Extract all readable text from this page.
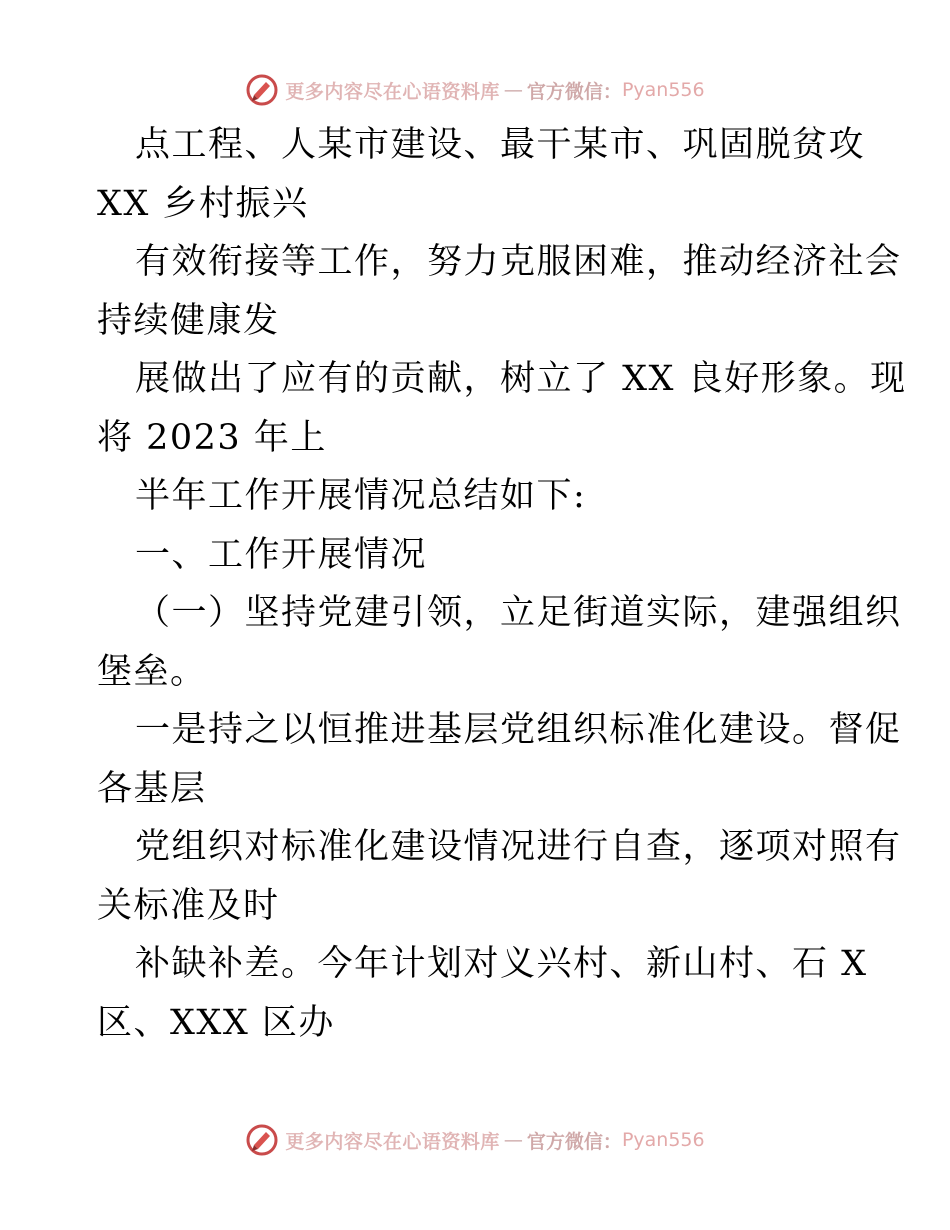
更多内容尽在心语资料库 — 官方微信： Pyan556

点工程、人某市建设、最干某市、巩固脱贫攻
XX 乡村振兴

有效衔接等工作，努力克服困难，推动经济社会
持续健康发

展做出了应有的贡献，树立了 XX 良好形象。现
将 2023 年上

半年工作开展情况总结如下:

一、工作开展情况

（一）坚持党建引领，立足街道实际，建强组织
堡垒。

一是持之以恒推进基层党组织标准化建设。督促
各基层

党组织对标准化建设情况进行自查，逐项对照有
关标准及时

补缺补差。今年计划对义兴村、新山村、石 X
区、XXX 区办

更多内容尽在心语资料库 — 官方微信： Pyan556
